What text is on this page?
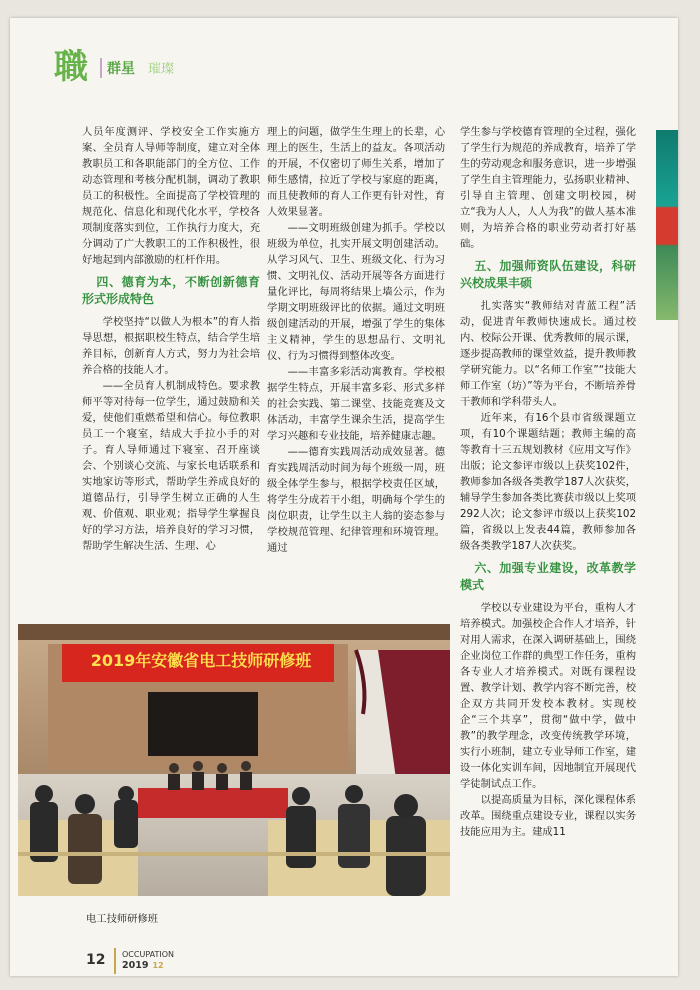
職	群星 璀璨

人员年度测评、学校安全工作实施方案、全员育人导师等制度，建立对全体教职员工和各职能部门的全方位、工作动态管理和考核分配机制，调动了教职员工的积极性。全面提高了学校管理的规范化、信息化和现代化水平，学校各项制度落实到位，工作执行力度大，充分调动了广大教职工的工作积极性，很好地起到内部激励的杠杆作用。

四、德育为本，不断创新德育形式形成特色

学校坚持“以做人为根本”的育人指导思想，根据职校生特点，结合学生培养目标，创新育人方式，努力为社会培养合格的技能人才。

——全员育人机制成特色。要求教师平等对待每一位学生，通过鼓励和关爱，使他们重燃希望和信心。每位教职员工一个寝室，结成大手拉小手的对子。育人导师通过下寝室、召开座谈会、个别谈心交流、与家长电话联系和实地家访等形式，帮助学生养成良好的道德品行，引导学生树立正确的人生观、价值观、职业观；指导学生掌握良好的学习方法，培养良好的学习习惯，帮助学生解决生活、生理、心

理上的问题，做学生生理上的长辈，心理上的医生，生活上的益友。各项活动的开展，不仅密切了师生关系，增加了师生感情，拉近了学校与家庭的距离，而且使教师的育人工作更有针对性，育人效果显著。

——文明班级创建为抓手。学校以班级为单位，扎实开展文明创建活动。从学习风气、卫生、班级文化、行为习惯、文明礼仪、活动开展等各方面进行量化评比，每周将结果上墙公示，作为学期文明班级评比的依据。通过文明班级创建活动的开展，增强了学生的集体主义精神，学生的思想品行、文明礼仪、行为习惯得到整体改变。

——丰富多彩活动寓教育。学校根据学生特点，开展丰富多彩、形式多样的社会实践、第二课堂、技能竞赛及文体活动，丰富学生课余生活，提高学生学习兴趣和专业技能，培养健康志趣。

——德育实践周活动成效显著。德育实践周活动时间为每个班级一周，班级全体学生参与，根据学校责任区域，将学生分成若干小组，明确每个学生的岗位职责，让学生以主人翁的姿态参与学校规范管理、纪律管理和环境管理。通过

学生参与学校德育管理的全过程，强化了学生行为规范的养成教育，培养了学生的劳动观念和服务意识，进一步增强了学生自主管理能力，弘扬职业精神、引导自主管理、创建文明校园，树立“我为人人，人人为我”的做人基本准则，为培养合格的职业劳动者打好基础。

五、加强师资队伍建设，科研兴校成果丰硕

扎实落实“教师结对青蓝工程”活动，促进青年教师快速成长。通过校内、校际公开课、优秀教师的展示课，逐步提高教师的课堂效益，提升教师教学研究能力。以“名师工作室”“技能大师工作室（坊）”等为平台，不断培养骨干教师和学科带头人。

近年来，有16个县市省级课题立项，有10个课题结题；教师主编的高等教育十三五规划教材《应用文写作》出版；论文参评市级以上获奖102件，教师参加各级各类教学187人次获奖，辅导学生参加各类比赛获市级以上奖项292人次；论文参评市级以上获奖102篇，省级以上发表44篇，教师参加各级各类教学187人次获奖。

六、加强专业建设，改革教学模式

学校以专业建设为平台，重构人才培养模式。加强校企合作人才培养，针对用人需求，在深入调研基础上，围绕企业岗位工作群的典型工作任务，重构各专业人才培养模式。对既有课程设置、教学计划、教学内容不断完善，校企双方共同开发校本教材。实现校企“三个共享”，贯彻“做中学，做中教”的教学理念，改变传统教学环境，实行小班制，建立专业导师工作室，建设一体化实训车间，因地制宜开展现代学徒制试点工作。

以提高质量为目标，深化课程体系改革。围绕重点建设专业，课程以实务技能应用为主。建成11

2019年安徽省电工技师研修班
电工技师研修班
12 OCCUPATION
2019 12
